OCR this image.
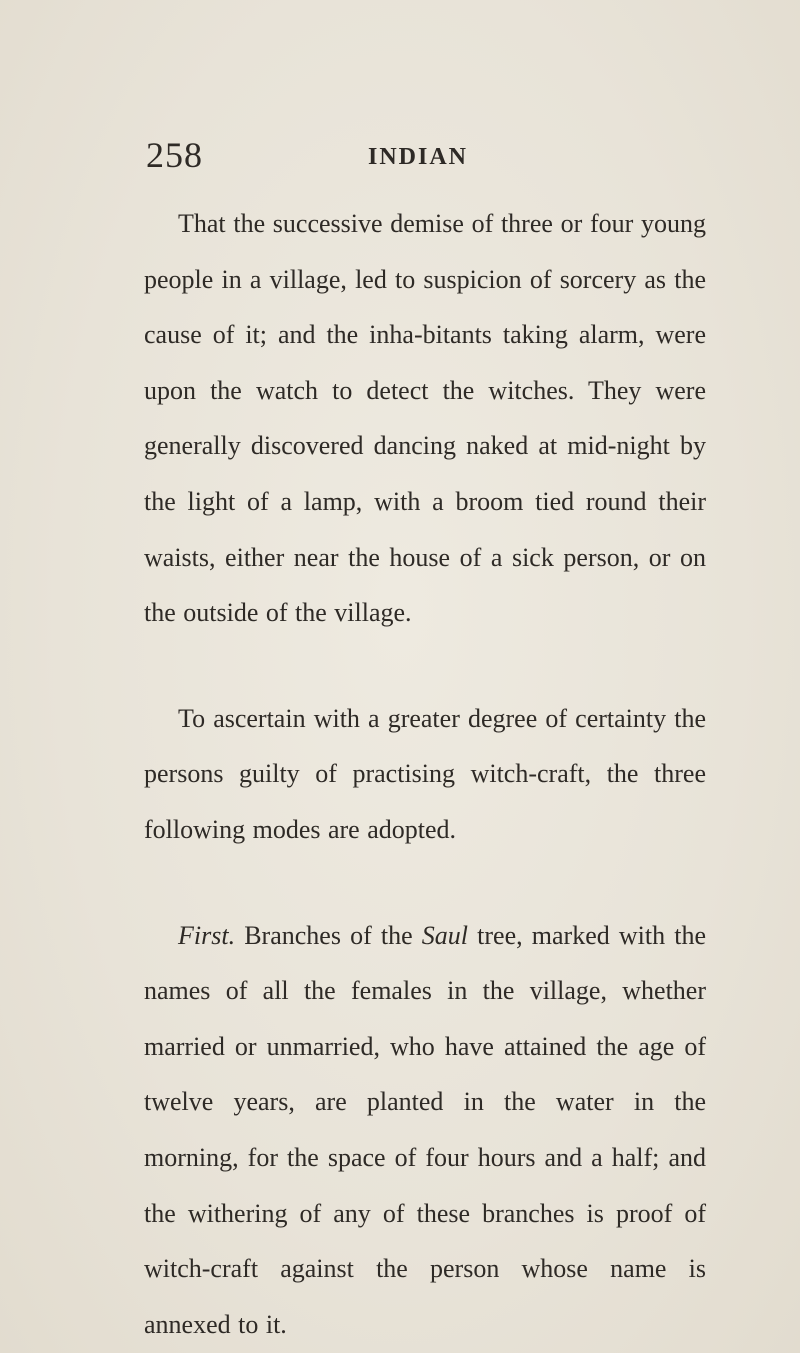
258	INDIAN

That the successive demise of three or four young people in a village, led to suspicion of sorcery as the cause of it; and the inha-bitants taking alarm, were upon the watch to detect the witches. They were generally discovered dancing naked at mid-night by the light of a lamp, with a broom tied round their waists, either near the house of a sick person, or on the outside of the village.

To ascertain with a greater degree of certainty the persons guilty of practising witch-craft, the three following modes are adopted.

First. Branches of the Saul tree, marked with the names of all the females in the village, whether married or unmarried, who have attained the age of twelve years, are planted in the water in the morning, for the space of four hours and a half; and the withering of any of these branches is proof of witch-craft against the person whose name is annexed to it.
